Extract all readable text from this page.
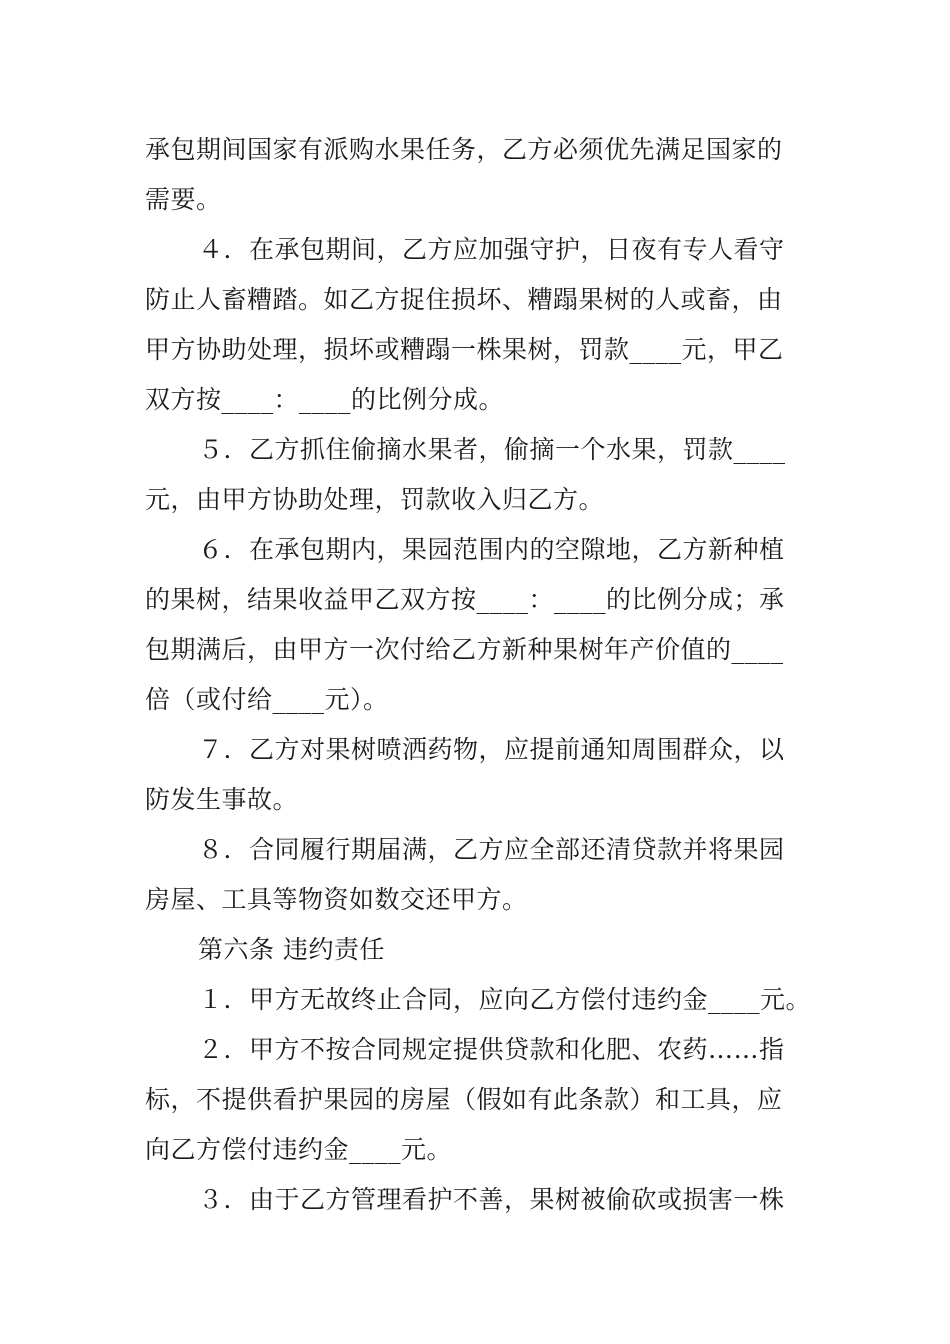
承包期间国家有派购水果任务，乙方必须优先满足国家的
需要。
４．在承包期间，乙方应加强守护，日夜有专人看守
防止人畜糟踏。如乙方捉住损坏、糟蹋果树的人或畜，由
甲方协助处理，损坏或糟蹋一株果树，罚款____元，甲乙
双方按____：____的比例分成。
５．乙方抓住偷摘水果者，偷摘一个水果，罚款____
元，由甲方协助处理，罚款收入归乙方。
６．在承包期内，果园范围内的空隙地，乙方新种植
的果树，结果收益甲乙双方按____：____的比例分成；承
包期满后，由甲方一次付给乙方新种果树年产价值的____
倍（或付给____元）。
７．乙方对果树喷洒药物，应提前通知周围群众，以
防发生事故。
８．合同履行期届满，乙方应全部还清贷款并将果园
房屋、工具等物资如数交还甲方。
第六条 违约责任
１．甲方无故终止合同，应向乙方偿付违约金____元。
２．甲方不按合同规定提供贷款和化肥、农药……指
标，不提供看护果园的房屋（假如有此条款）和工具，应
向乙方偿付违约金____元。
３．由于乙方管理看护不善，果树被偷砍或损害一株
